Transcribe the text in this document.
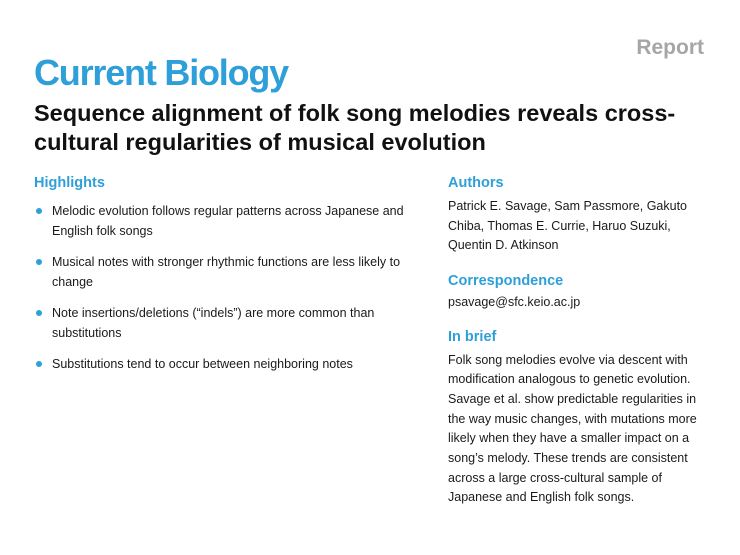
Report
Current Biology
Sequence alignment of folk song melodies reveals cross-cultural regularities of musical evolution
Highlights
Melodic evolution follows regular patterns across Japanese and English folk songs
Musical notes with stronger rhythmic functions are less likely to change
Note insertions/deletions (“indels”) are more common than substitutions
Substitutions tend to occur between neighboring notes
Authors

Patrick E. Savage, Sam Passmore, Gakuto Chiba, Thomas E. Currie, Haruo Suzuki, Quentin D. Atkinson

Correspondence

psavage@sfc.keio.ac.jp

In brief

Folk song melodies evolve via descent with modification analogous to genetic evolution. Savage et al. show predictable regularities in the way music changes, with mutations more likely when they have a smaller impact on a song’s melody. These trends are consistent across a large cross-cultural sample of Japanese and English folk songs.
